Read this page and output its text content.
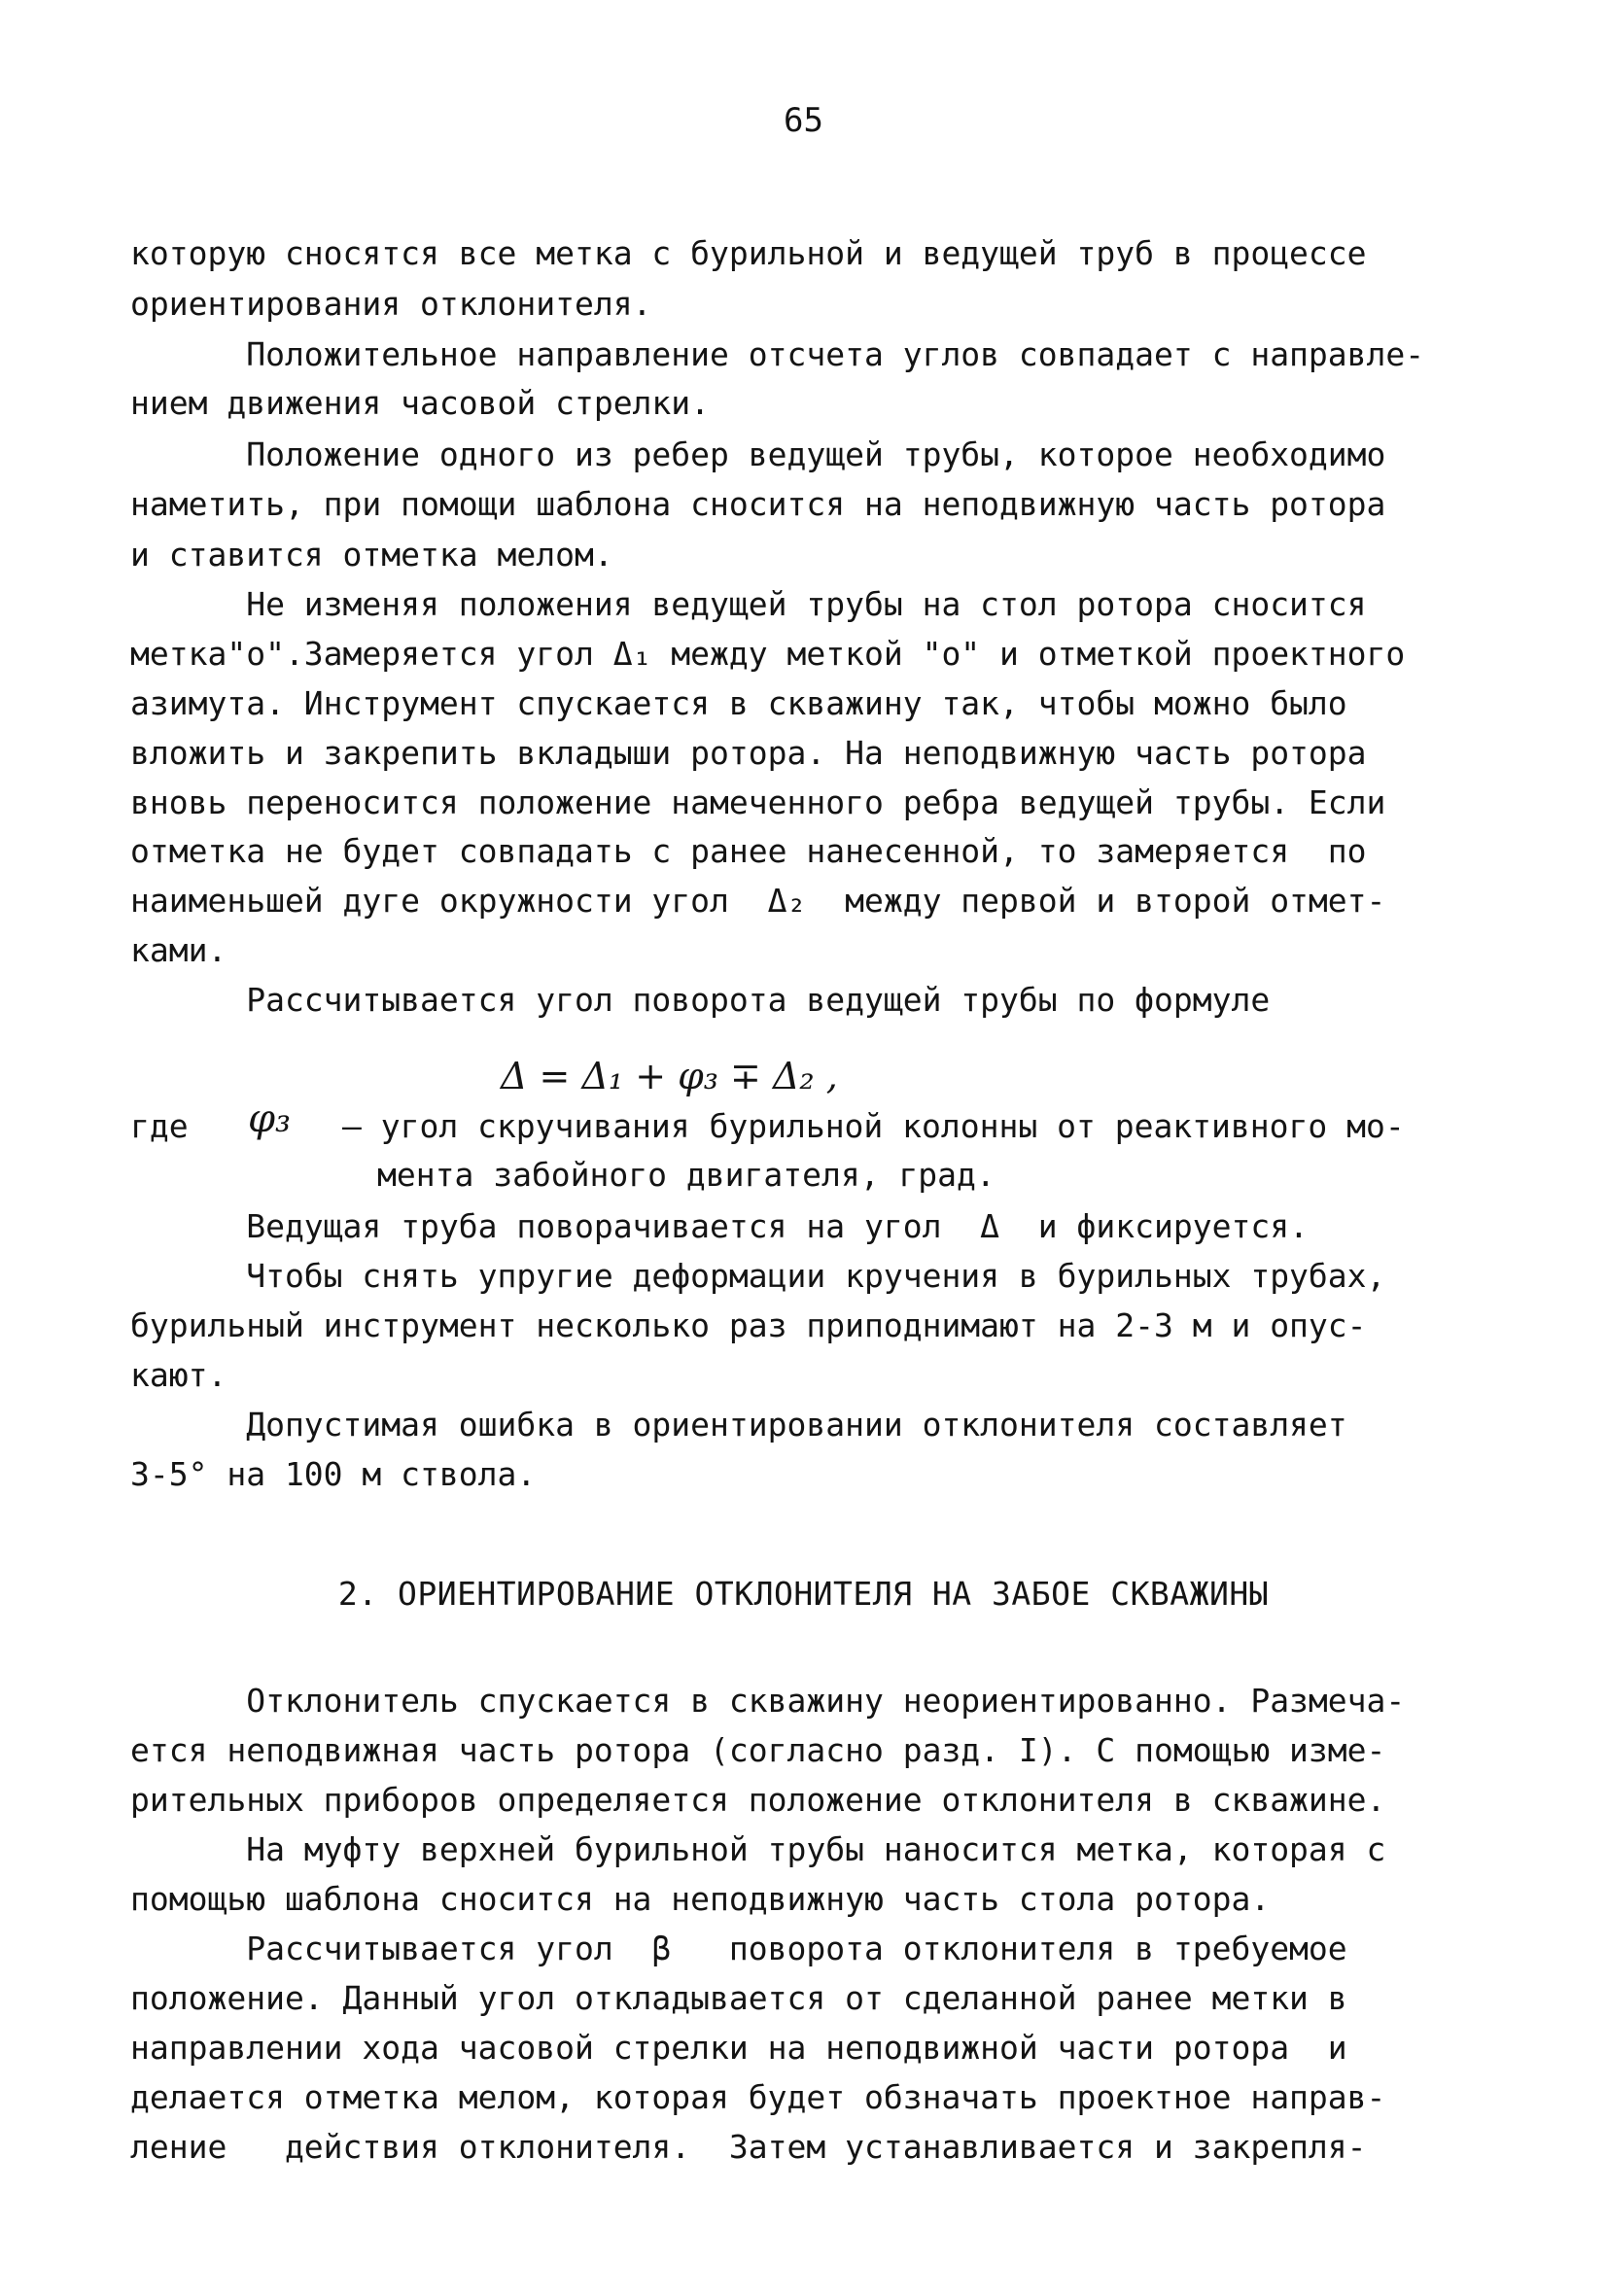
65
которую сносятся все метка с бурильной и ведущей труб в процессе
ориентирования отклонителя.
Положительное направление отсчета углов совпадает с направле-
нием движения часовой стрелки.
Положение одного из ребер ведущей трубы, которое необходимо
наметить, при помощи шаблона сносится на неподвижную часть ротора
и ставится отметка мелом.
Не изменяя положения ведущей трубы на стол ротора сносится
метка"о".Замеряется угол Δ₁ между меткой "о" и отметкой проектного
азимута. Инструмент спускается в скважину так, чтобы можно было
вложить и закрепить вкладыши ротора. На неподвижную часть ротора
вновь переносится положение намеченного ребра ведущей трубы. Если
отметка не будет совпадать с ранее нанесенной, то замеряется  по
наименьшей дуге окружности угол  Δ₂  между первой и второй отмет-
ками.
Рассчитывается угол поворота ведущей трубы по формуле
Δ = Δ₁ + φ₃ ∓ Δ₂ ,
где φ₃ – угол скручивания бурильной колонны от реактивного мо-
мента забойного двигателя, град.
Ведущая труба поворачивается на угол  Δ  и фиксируется.
Чтобы снять упругие деформации кручения в бурильных трубах,
бурильный инструмент несколько раз приподнимают на 2-3 м и опус-
кают.
Допустимая ошибка в ориентировании отклонителя составляет
3-5° на 100 м ствола.
2. ОРИЕНТИРОВАНИЕ ОТКЛОНИТЕЛЯ НА ЗАБОЕ СКВАЖИНЫ
Отклонитель спускается в скважину неориентированно. Размеча-
ется неподвижная часть ротора (согласно разд. I). С помощью изме-
рительных приборов определяется положение отклонителя в скважине.
На муфту верхней бурильной трубы наносится метка, которая с
помощью шаблона сносится на неподвижную часть стола ротора.
Рассчитывается угол  β   поворота отклонителя в требуемое
положение. Данный угол откладывается от сделанной ранее метки в
направлении хода часовой стрелки на неподвижной части ротора  и
делается отметка мелом, которая будет обзначать проектное направ-
ление   действия отклонителя.  Затем устанавливается и закрепля-
